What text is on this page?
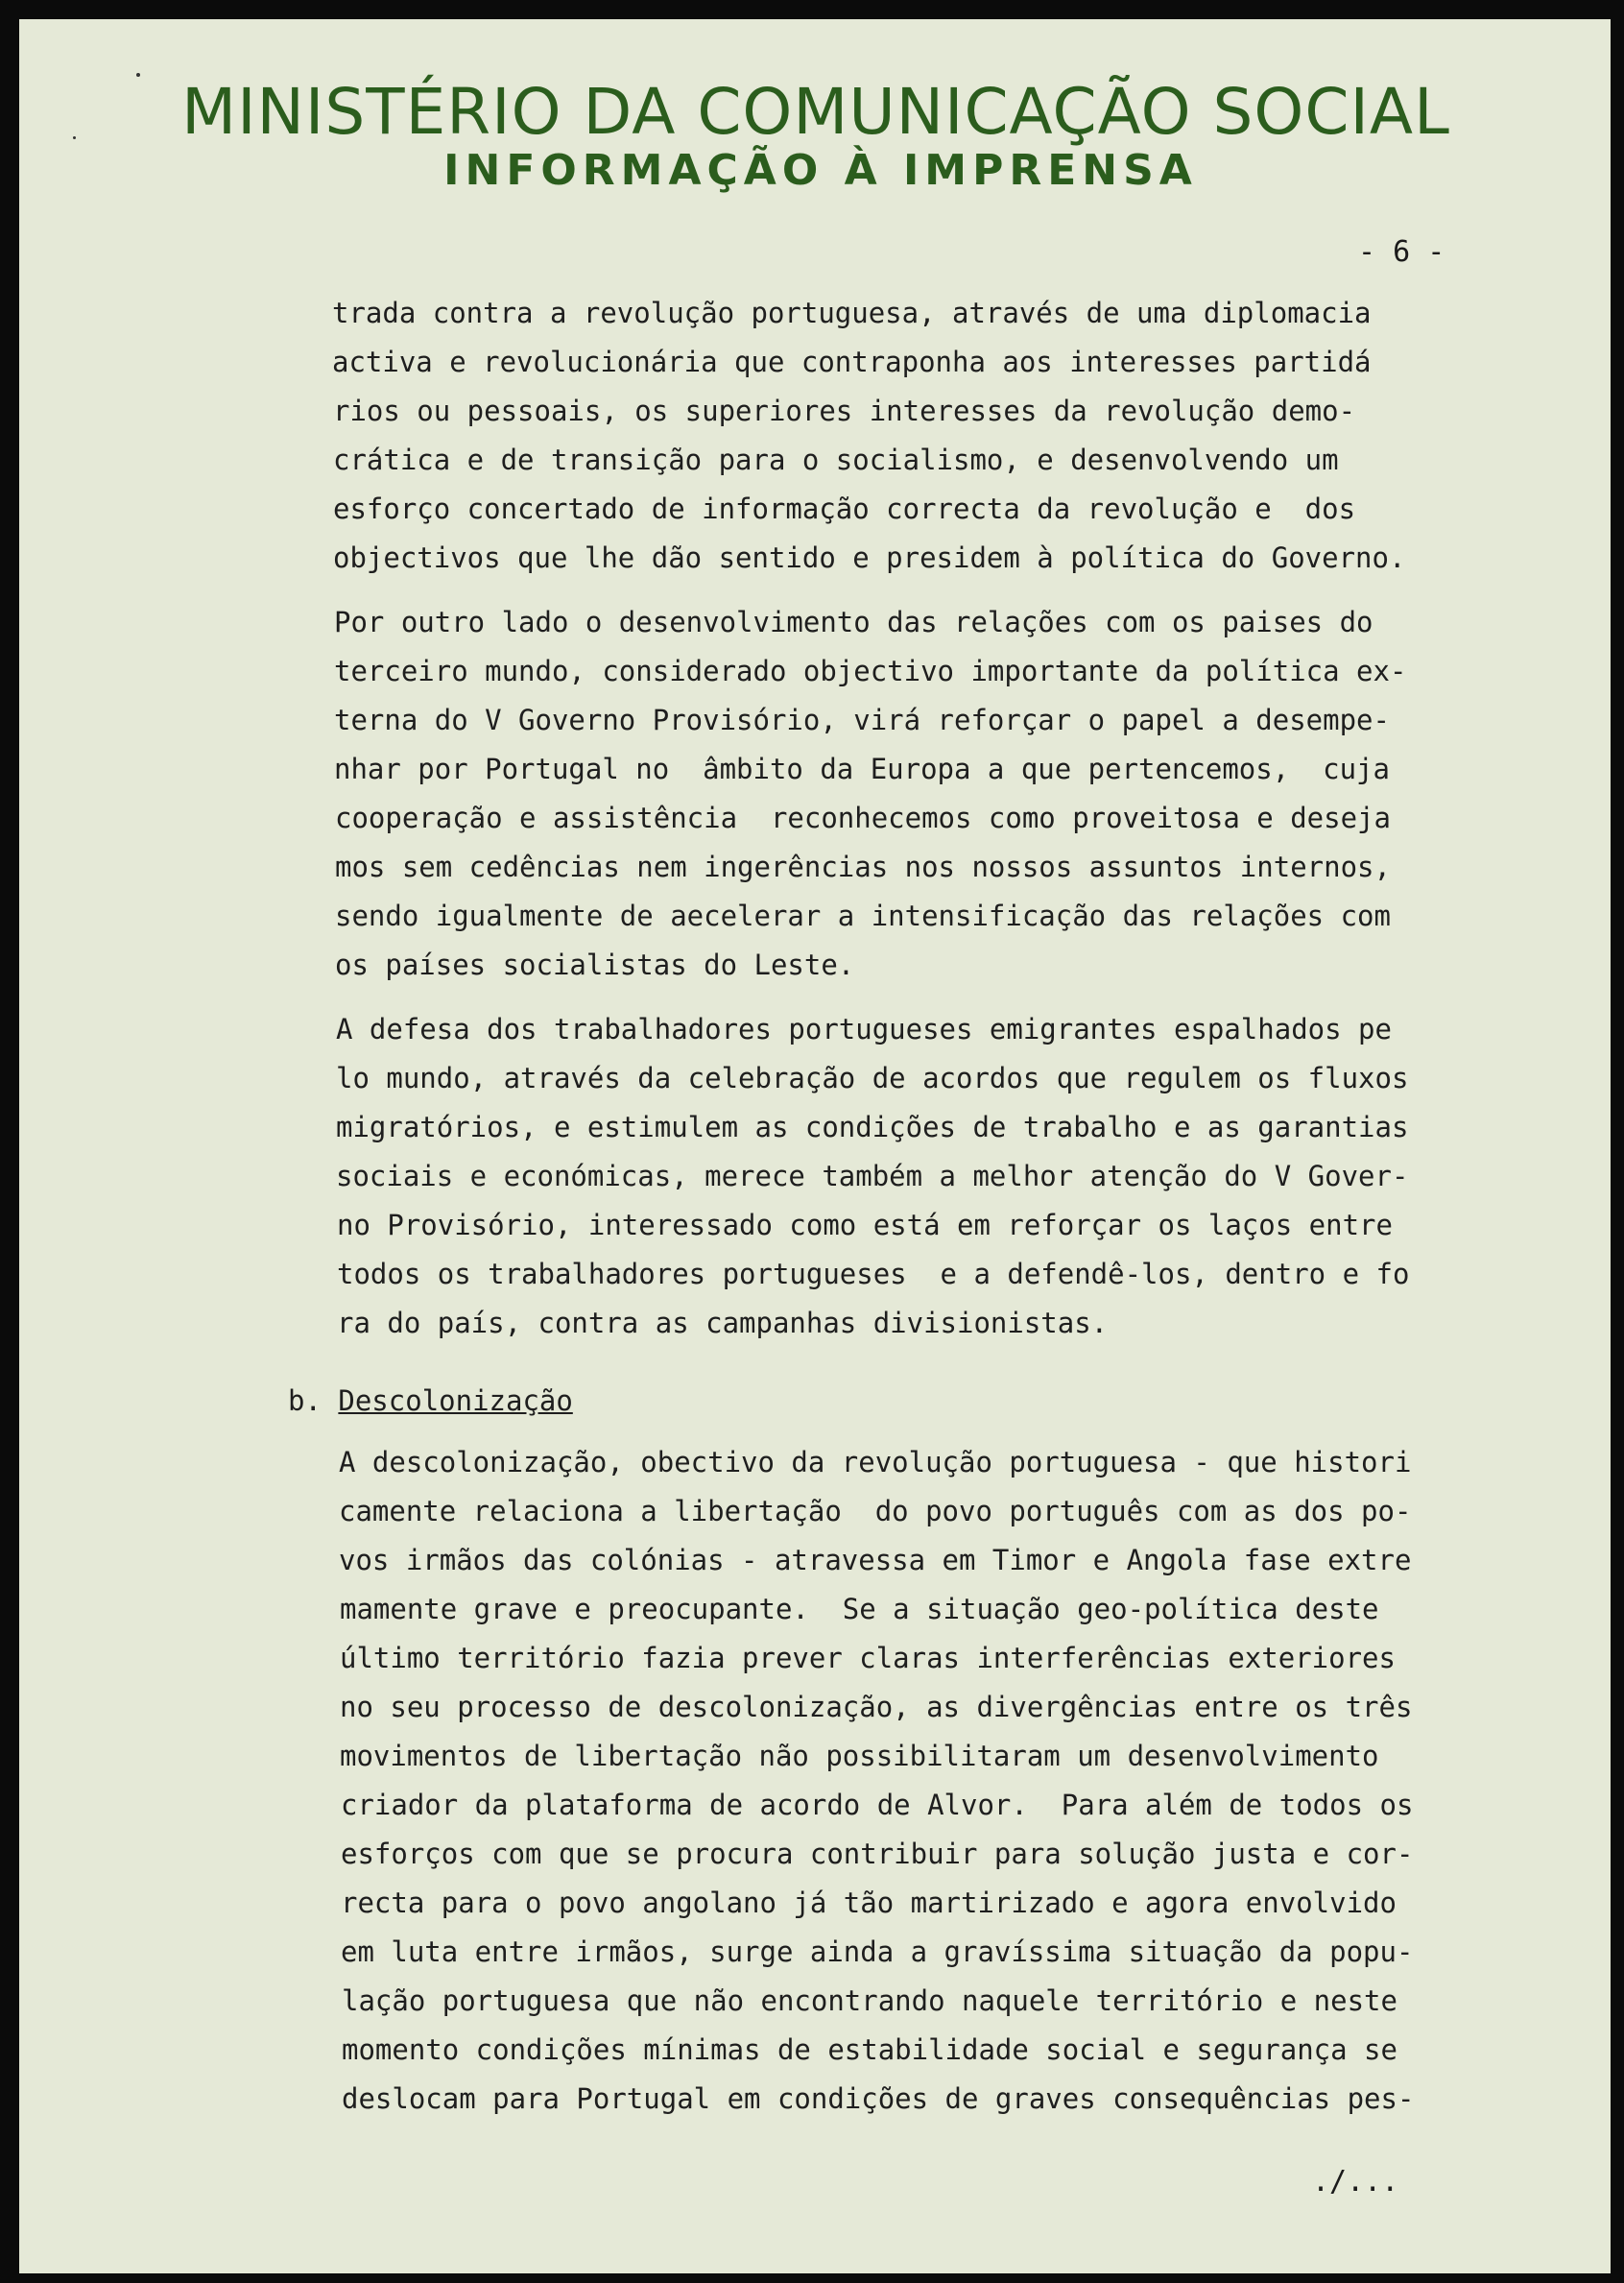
MINISTÉRIO DA COMUNICAÇÃO SOCIAL
INFORMAÇÃO À IMPRENSA
- 6 -
trada contra a revolução portuguesa, através de uma diplomacia
activa e revolucionária que contraponha aos interesses partidá
rios ou pessoais, os superiores interesses da revolução demo-
crática e de transição para o socialismo, e desenvolvendo um
esforço concertado de informação correcta da revolução e  dos
objectivos que lhe dão sentido e presidem à política do Governo.
Por outro lado o desenvolvimento das relações com os paises do
terceiro mundo, considerado objectivo importante da política ex-
terna do V Governo Provisório, virá reforçar o papel a desempe-
nhar por Portugal no  âmbito da Europa a que pertencemos,  cuja
cooperação e assistência  reconhecemos como proveitosa e deseja
mos sem cedências nem ingerências nos nossos assuntos internos,
sendo igualmente de aecelerar a intensificação das relações com
os países socialistas do Leste.
A defesa dos trabalhadores portugueses emigrantes espalhados pe
lo mundo, através da celebração de acordos que regulem os fluxos
migratórios, e estimulem as condições de trabalho e as garantias
sociais e económicas, merece também a melhor atenção do V Gover-
no Provisório, interessado como está em reforçar os laços entre
todos os trabalhadores portugueses  e a defendê-los, dentro e fo
ra do país, contra as campanhas divisionistas.
b. Descolonização
A descolonização, obectivo da revolução portuguesa - que histori
camente relaciona a libertação  do povo português com as dos po-
vos irmãos das colónias - atravessa em Timor e Angola fase extre
mamente grave e preocupante.  Se a situação geo-política deste
último território fazia prever claras interferências exteriores
no seu processo de descolonização, as divergências entre os três
movimentos de libertação não possibilitaram um desenvolvimento
criador da plataforma de acordo de Alvor.  Para além de todos os
esforços com que se procura contribuir para solução justa e cor-
recta para o povo angolano já tão martirizado e agora envolvido
em luta entre irmãos, surge ainda a gravíssima situação da popu-
lação portuguesa que não encontrando naquele território e neste
momento condições mínimas de estabilidade social e segurança se
deslocam para Portugal em condições de graves consequências pes-
./...
